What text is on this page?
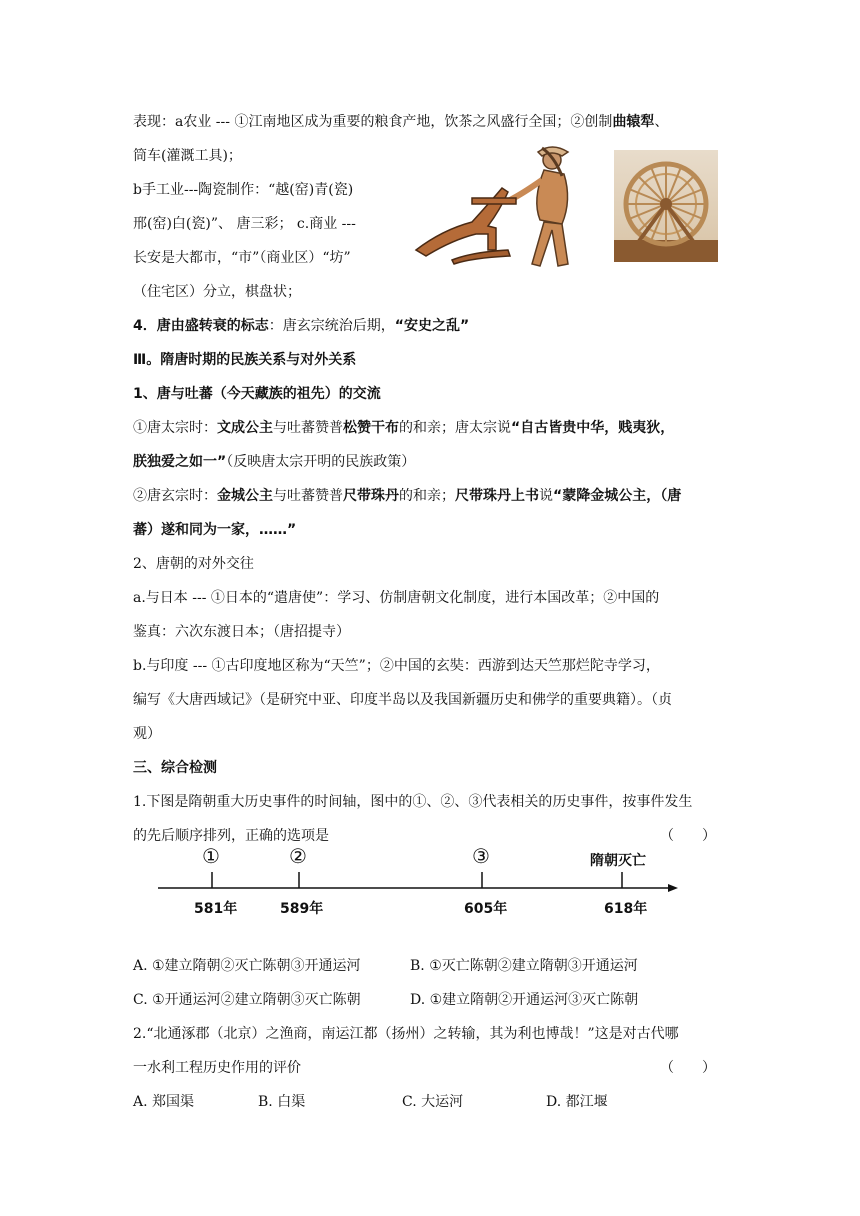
表现：a农业 --- ①江南地区成为重要的粮食产地，饮茶之风盛行全国；②创制曲辕犁、
筒车(灌溉工具)；
b手工业---陶瓷制作：“越(窑)青(瓷)
邢(窑)白(瓷)”、 唐三彩； c.商业 ---
长安是大都市，“市”（商业区）“坊”
（住宅区）分立，棋盘状；
4．唐由盛转衰的标志：唐玄宗统治后期，“安史之乱”
Ⅲ。隋唐时期的民族关系与对外关系
1、唐与吐蕃（今天藏族的祖先）的交流
①唐太宗时：文成公主与吐蕃赞普松赞干布的和亲；唐太宗说“自古皆贵中华，贱夷狄，
朕独爱之如一”（反映唐太宗开明的民族政策）
②唐玄宗时：金城公主与吐蕃赞普尺带珠丹的和亲；尺带珠丹上书说“蒙降金城公主，（唐
蕃）遂和同为一家，……”
2、唐朝的对外交往
a.与日本 --- ①日本的“遣唐使”：学习、仿制唐朝文化制度，进行本国改革；②中国的
鉴真：六次东渡日本；（唐招提寺）
b.与印度 --- ①古印度地区称为“天竺”；②中国的玄奘：西游到达天竺那烂陀寺学习，
编写《大唐西域记》（是研究中亚、印度半岛以及我国新疆历史和佛学的重要典籍）。（贞
观）
三、综合检测
1.下图是隋朝重大历史事件的时间轴，图中的①、②、③代表相关的历史事件，按事件发生
的先后顺序排列，正确的选项是	（　　）
①	②	③	隋朝灭亡
581年	589年	605年	618年
A. ①建立隋朝②灭亡陈朝③开通运河	B. ①灭亡陈朝②建立隋朝③开通运河
C. ①开通运河②建立隋朝③灭亡陈朝	D. ①建立隋朝②开通运河③灭亡陈朝
2.“北通涿郡（北京）之渔商，南运江都（扬州）之转输，其为利也博哉！”这是对古代哪
一水利工程历史作用的评价	（　　）
A. 郑国渠	B. 白渠	C. 大运河	D. 都江堰
